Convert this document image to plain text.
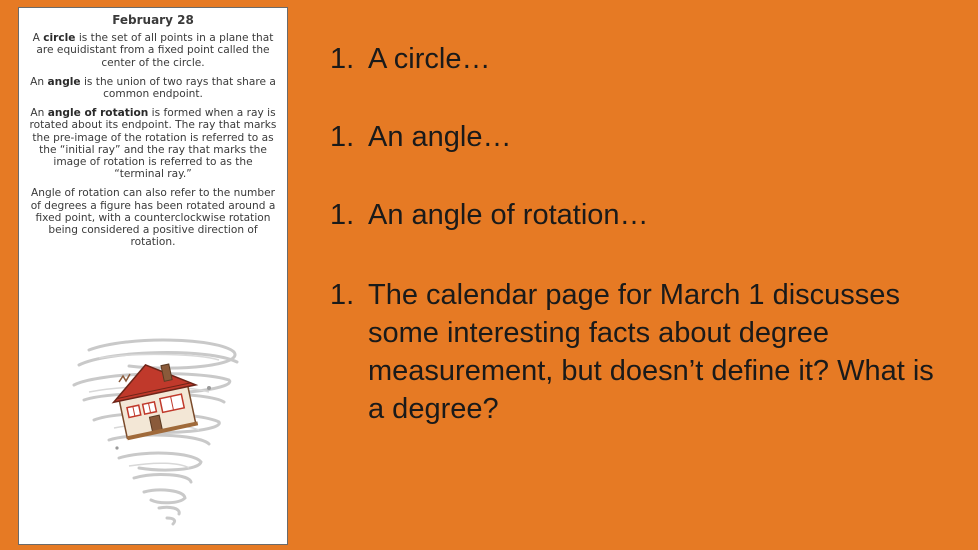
February 28

A circle is the set of all points in a plane that are equidistant from a fixed point called the center of the circle.

An angle is the union of two rays that share a common endpoint.

An angle of rotation is formed when a ray is rotated about its endpoint. The ray that marks the pre-image of the rotation is referred to as the “initial ray” and the ray that marks the image of rotation is referred to as the “terminal ray.”

Angle of rotation can also refer to the number of degrees a figure has been rotated around a fixed point, with a counterclockwise rotation being considered a positive direction of rotation.

1. A circle…
1. An angle…
1. An angle of rotation…
1. The calendar page for March 1 discusses some interesting facts about degree measurement, but doesn’t define it? What is a degree?
